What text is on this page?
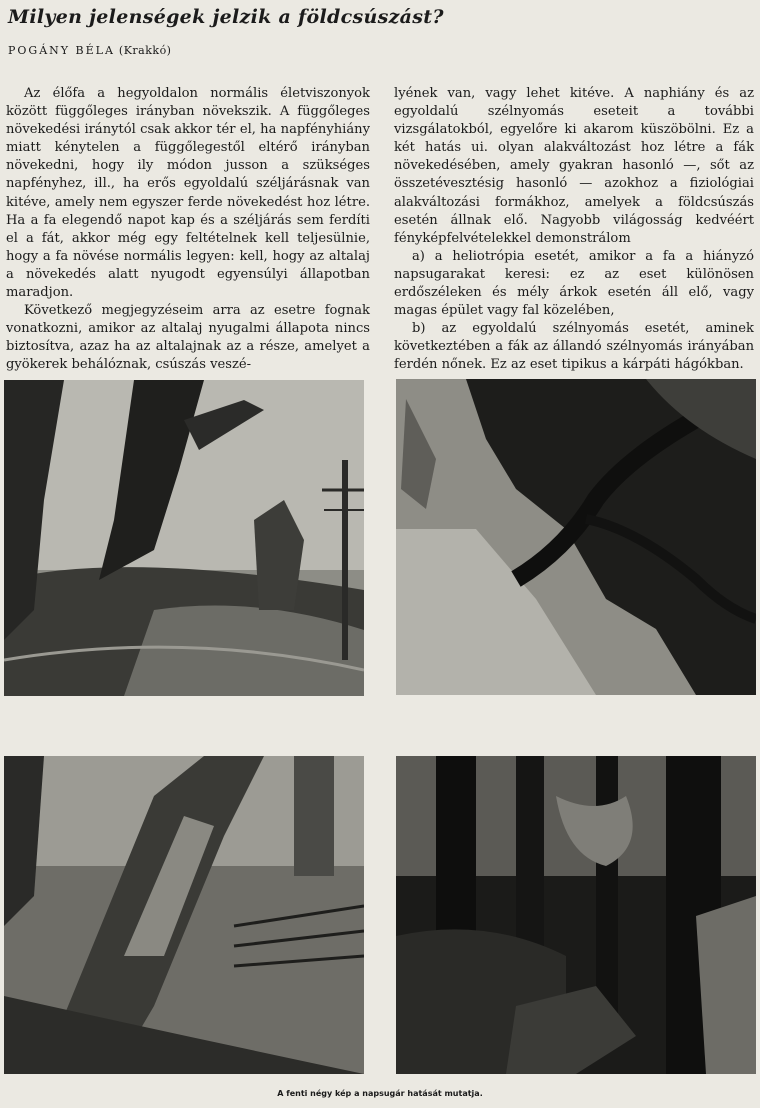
Milyen jelenségek jelzik a földcsúszást?
POGÁNY BÉLA (Krakkó)

Az élőfa a hegyoldalon normális életviszonyok között függőleges irányban növekszik. A függőleges növekedési iránytól csak akkor tér el, ha napfényhiány miatt kénytelen a függőlegestől eltérő irányban növekedni, hogy ily módon jusson a szükséges napfényhez, ill., ha erős egyoldalú széljárásnak van kitéve, amely nem egyszer ferde növekedést hoz létre. Ha a fa elegendő napot kap és a széljárás sem ferdíti el a fát, akkor még egy feltételnek kell teljesülnie, hogy a fa növése normális legyen: kell, hogy az altalaj a növekedés alatt nyugodt egyensúlyi állapotban maradjon.

Következő megjegyzéseim arra az esetre fognak vonatkozni, amikor az altalaj nyugalmi állapota nincs biztosítva, azaz ha az altalajnak az a része, amelyet a gyökerek behálóznak, csúszás veszé-

lyének van, vagy lehet kitéve. A naphiány és az egyoldalú szélnyomás eseteit a további vizsgálatokból, egyelőre ki akarom küszöbölni. Ez a két hatás ui. olyan alakváltozást hoz létre a fák növekedésében, amely gyakran hasonló —, sőt az összetévesztésig hasonló — azokhoz a fiziológiai alakváltozási formákhoz, amelyek a földcsúszás esetén állnak elő. Nagyobb világosság kedvéért fényképfelvételekkel demonstrálom

a) a heliotrópia esetét, amikor a fa a hiányzó napsugarakat keresi: ez az eset különösen erdőszéleken és mély árkok esetén áll elő, vagy magas épület vagy fal közelében,

b) az egyoldalú szélnyomás esetét, aminek következtében a fák az állandó szélnyomás irányában ferdén nőnek. Ez az eset tipikus a kárpáti hágókban.

A fenti négy kép a napsugár hatását mutatja.
